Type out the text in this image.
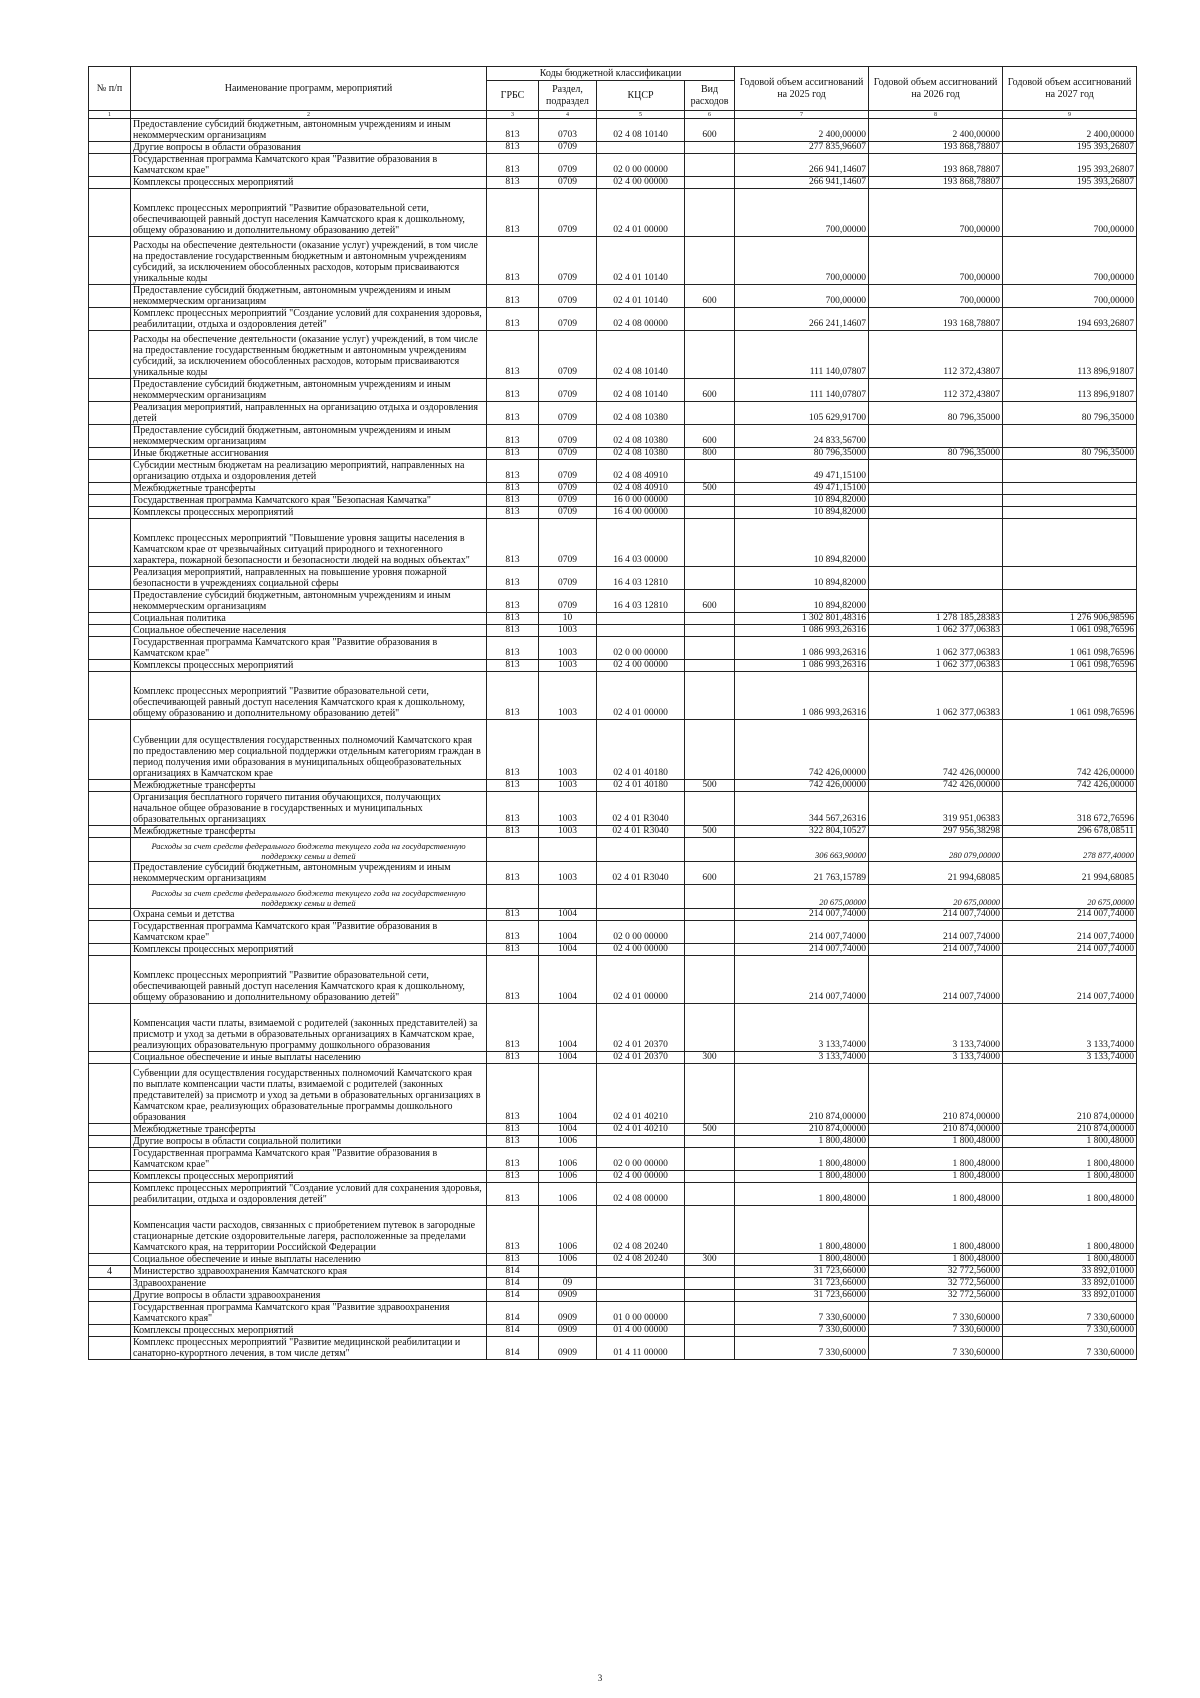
№ п/п	Наименование программ, мероприятий	Коды бюджетной классификации				Годовой объем ассигнований на 2025 год	Годовой объем ассигнований на 2026 год	Годовой объем ассигнований на 2027 год
		ГРБС	Раздел, подраздел	КЦСР	Вид расходов			
1	2	3	4	5	6	7	8	9
	Предоставление субсидий бюджетным, автономным учреждениям и иным некоммерческим организациям	813	0703	02 4 08 10140	600	2 400,00000	2 400,00000	2 400,00000
	Другие вопросы в области образования	813	0709			277 835,96607	193 868,78807	195 393,26807
	Государственная программа Камчатского края "Развитие образования в Камчатском крае"	813	0709	02 0 00 00000		266 941,14607	193 868,78807	195 393,26807
	Комплексы процессных мероприятий	813	0709	02 4 00 00000		266 941,14607	193 868,78807	195 393,26807
	Комплекс процессных мероприятий "Развитие образовательной сети, обеспечивающей равный доступ населения Камчатского края к дошкольному, общему образованию и дополнительному образованию детей"	813	0709	02 4 01 00000		700,00000	700,00000	700,00000
	Расходы на обеспечение деятельности (оказание услуг) учреждений, в том числе на предоставление государственным бюджетным и автономным учреждениям субсидий, за исключением обособленных расходов, которым присваиваются уникальные коды	813	0709	02 4 01 10140		700,00000	700,00000	700,00000
	Предоставление субсидий бюджетным, автономным учреждениям и иным некоммерческим организациям	813	0709	02 4 01 10140	600	700,00000	700,00000	700,00000
	Комплекс процессных мероприятий "Создание условий для сохранения здоровья, реабилитации, отдыха и оздоровления детей"	813	0709	02 4 08 00000		266 241,14607	193 168,78807	194 693,26807
	Расходы на обеспечение деятельности (оказание услуг) учреждений, в том числе на предоставление государственным бюджетным и автономным учреждениям субсидий, за исключением обособленных расходов, которым присваиваются уникальные коды	813	0709	02 4 08 10140		111 140,07807	112 372,43807	113 896,91807
	Предоставление субсидий бюджетным, автономным учреждениям и иным некоммерческим организациям	813	0709	02 4 08 10140	600	111 140,07807	112 372,43807	113 896,91807
	Реализация мероприятий, направленных на организацию отдыха и оздоровления детей	813	0709	02 4 08 10380		105 629,91700	80 796,35000	80 796,35000
	Предоставление субсидий бюджетным, автономным учреждениям и иным некоммерческим организациям	813	0709	02 4 08 10380	600	24 833,56700		
	Иные бюджетные ассигнования	813	0709	02 4 08 10380	800	80 796,35000	80 796,35000	80 796,35000
	Субсидии местным бюджетам на реализацию мероприятий, направленных на организацию отдыха и оздоровления детей	813	0709	02 4 08 40910		49 471,15100		
	Межбюджетные трансферты	813	0709	02 4 08 40910	500	49 471,15100		
	Государственная программа Камчатского края "Безопасная Камчатка"	813	0709	16 0 00 00000		10 894,82000		
	Комплексы процессных мероприятий	813	0709	16 4 00 00000		10 894,82000		
	Комплекс процессных мероприятий "Повышение уровня защиты населения в Камчатском крае от чрезвычайных ситуаций природного и техногенного характера, пожарной безопасности и безопасности людей на водных объектах"	813	0709	16 4 03 00000		10 894,82000		
	Реализация мероприятий, направленных на повышение уровня пожарной безопасности в учреждениях социальной сферы	813	0709	16 4 03 12810		10 894,82000		
	Предоставление субсидий бюджетным, автономным учреждениям и иным некоммерческим организациям	813	0709	16 4 03 12810	600	10 894,82000		
	Социальная политика	813	10			1 302 801,48316	1 278 185,28383	1 276 906,98596
	Социальное обеспечение населения	813	1003			1 086 993,26316	1 062 377,06383	1 061 098,76596
	Государственная программа Камчатского края "Развитие образования в Камчатском крае"	813	1003	02 0 00 00000		1 086 993,26316	1 062 377,06383	1 061 098,76596
	Комплексы процессных мероприятий	813	1003	02 4 00 00000		1 086 993,26316	1 062 377,06383	1 061 098,76596
	Комплекс процессных мероприятий "Развитие образовательной сети, обеспечивающей равный доступ населения Камчатского края к дошкольному, общему образованию и дополнительному образованию детей"	813	1003	02 4 01 00000		1 086 993,26316	1 062 377,06383	1 061 098,76596
	Субвенции для осуществления государственных полномочий Камчатского края по предоставлению мер социальной поддержки отдельным категориям граждан в период получения ими образования в муниципальных общеобразовательных организациях в Камчатском крае	813	1003	02 4 01 40180		742 426,00000	742 426,00000	742 426,00000
	Межбюджетные трансферты	813	1003	02 4 01 40180	500	742 426,00000	742 426,00000	742 426,00000
	Организация бесплатного горячего питания обучающихся, получающих начальное общее образование в государственных и муниципальных образовательных организациях	813	1003	02 4 01 R3040		344 567,26316	319 951,06383	318 672,76596
	Межбюджетные трансферты	813	1003	02 4 01 R3040	500	322 804,10527	297 956,38298	296 678,08511
	Расходы за счет средств федерального бюджета текущего года на государственную поддержку семьи и детей					306 663,90000	280 079,00000	278 877,40000
	Предоставление субсидий бюджетным, автономным учреждениям и иным некоммерческим организациям	813	1003	02 4 01 R3040	600	21 763,15789	21 994,68085	21 994,68085
	Расходы за счет средств федерального бюджета текущего года на государственную поддержку семьи и детей					20 675,00000	20 675,00000	20 675,00000
	Охрана семьи и детства	813	1004			214 007,74000	214 007,74000	214 007,74000
	Государственная программа Камчатского края "Развитие образования в Камчатском крае"	813	1004	02 0 00 00000		214 007,74000	214 007,74000	214 007,74000
	Комплексы процессных мероприятий	813	1004	02 4 00 00000		214 007,74000	214 007,74000	214 007,74000
	Комплекс процессных мероприятий "Развитие образовательной сети, обеспечивающей равный доступ населения Камчатского края к дошкольному, общему образованию и дополнительному образованию детей"	813	1004	02 4 01 00000		214 007,74000	214 007,74000	214 007,74000
	Компенсация части платы, взимаемой с родителей (законных представителей) за присмотр и уход за детьми в образовательных организациях в Камчатском крае, реализующих образовательную программу дошкольного образования	813	1004	02 4 01 20370		3 133,74000	3 133,74000	3 133,74000
	Социальное обеспечение и иные выплаты населению	813	1004	02 4 01 20370	300	3 133,74000	3 133,74000	3 133,74000
	Субвенции для осуществления государственных полномочий Камчатского края по выплате компенсации части платы, взимаемой с родителей (законных представителей) за присмотр и уход за детьми в образовательных организациях в Камчатском крае, реализующих образовательные программы дошкольного образования	813	1004	02 4 01 40210		210 874,00000	210 874,00000	210 874,00000
	Межбюджетные трансферты	813	1004	02 4 01 40210	500	210 874,00000	210 874,00000	210 874,00000
	Другие вопросы в области социальной политики	813	1006			1 800,48000	1 800,48000	1 800,48000
	Государственная программа Камчатского края "Развитие образования в Камчатском крае"	813	1006	02 0 00 00000		1 800,48000	1 800,48000	1 800,48000
	Комплексы процессных мероприятий	813	1006	02 4 00 00000		1 800,48000	1 800,48000	1 800,48000
	Комплекс процессных мероприятий "Создание условий для сохранения здоровья, реабилитации, отдыха и оздоровления детей"	813	1006	02 4 08 00000		1 800,48000	1 800,48000	1 800,48000
	Компенсация части расходов, связанных с приобретением путевок в загородные стационарные детские оздоровительные лагеря, расположенные за пределами Камчатского края, на территории Российской Федерации	813	1006	02 4 08 20240		1 800,48000	1 800,48000	1 800,48000
	Социальное обеспечение и иные выплаты населению	813	1006	02 4 08 20240	300	1 800,48000	1 800,48000	1 800,48000
4	Министерство здравоохранения Камчатского края	814				31 723,66000	32 772,56000	33 892,01000
	Здравоохранение	814	09			31 723,66000	32 772,56000	33 892,01000
	Другие вопросы в области здравоохранения	814	0909			31 723,66000	32 772,56000	33 892,01000
	Государственная программа Камчатского края "Развитие здравоохранения Камчатского края"	814	0909	01 0 00 00000		7 330,60000	7 330,60000	7 330,60000
	Комплексы процессных мероприятий	814	0909	01 4 00 00000		7 330,60000	7 330,60000	7 330,60000
	Комплекс процессных мероприятий "Развитие медицинской реабилитации и санаторно-курортного лечения, в том числе детям"	814	0909	01 4 11 00000		7 330,60000	7 330,60000	7 330,60000
3
